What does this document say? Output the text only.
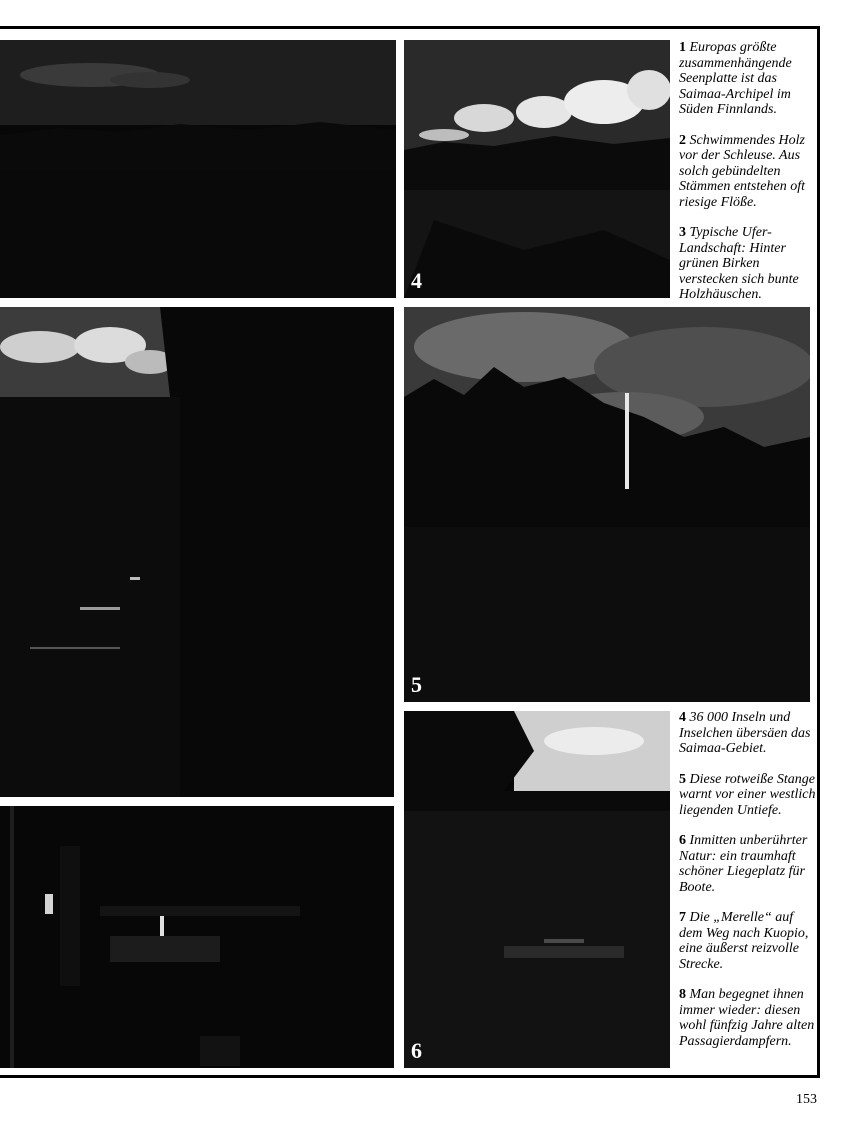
4

1 Europas größte zusammenhängende Seenplatte ist das Saimaa-Archipel im Süden Finnlands.

2 Schwimmendes Holz vor der Schleuse. Aus solch gebündelten Stämmen entstehen oft riesige Flöße.

3 Typische Ufer-Landschaft: Hinter grünen Birken verstecken sich bunte Holzhäuschen.

5
6

4 36 000 Inseln und Inselchen übersäen das Saimaa-Gebiet.

5 Diese rotweiße Stange warnt vor einer westlich liegenden Untiefe.

6 Inmitten unberührter Natur: ein traumhaft schöner Liegeplatz für Boote.

7 Die „Merelle“ auf dem Weg nach Kuopio, eine äußerst reizvolle Strecke.

8 Man begegnet ihnen immer wieder: diesen wohl fünfzig Jahre alten Passagierdampfern.

153
